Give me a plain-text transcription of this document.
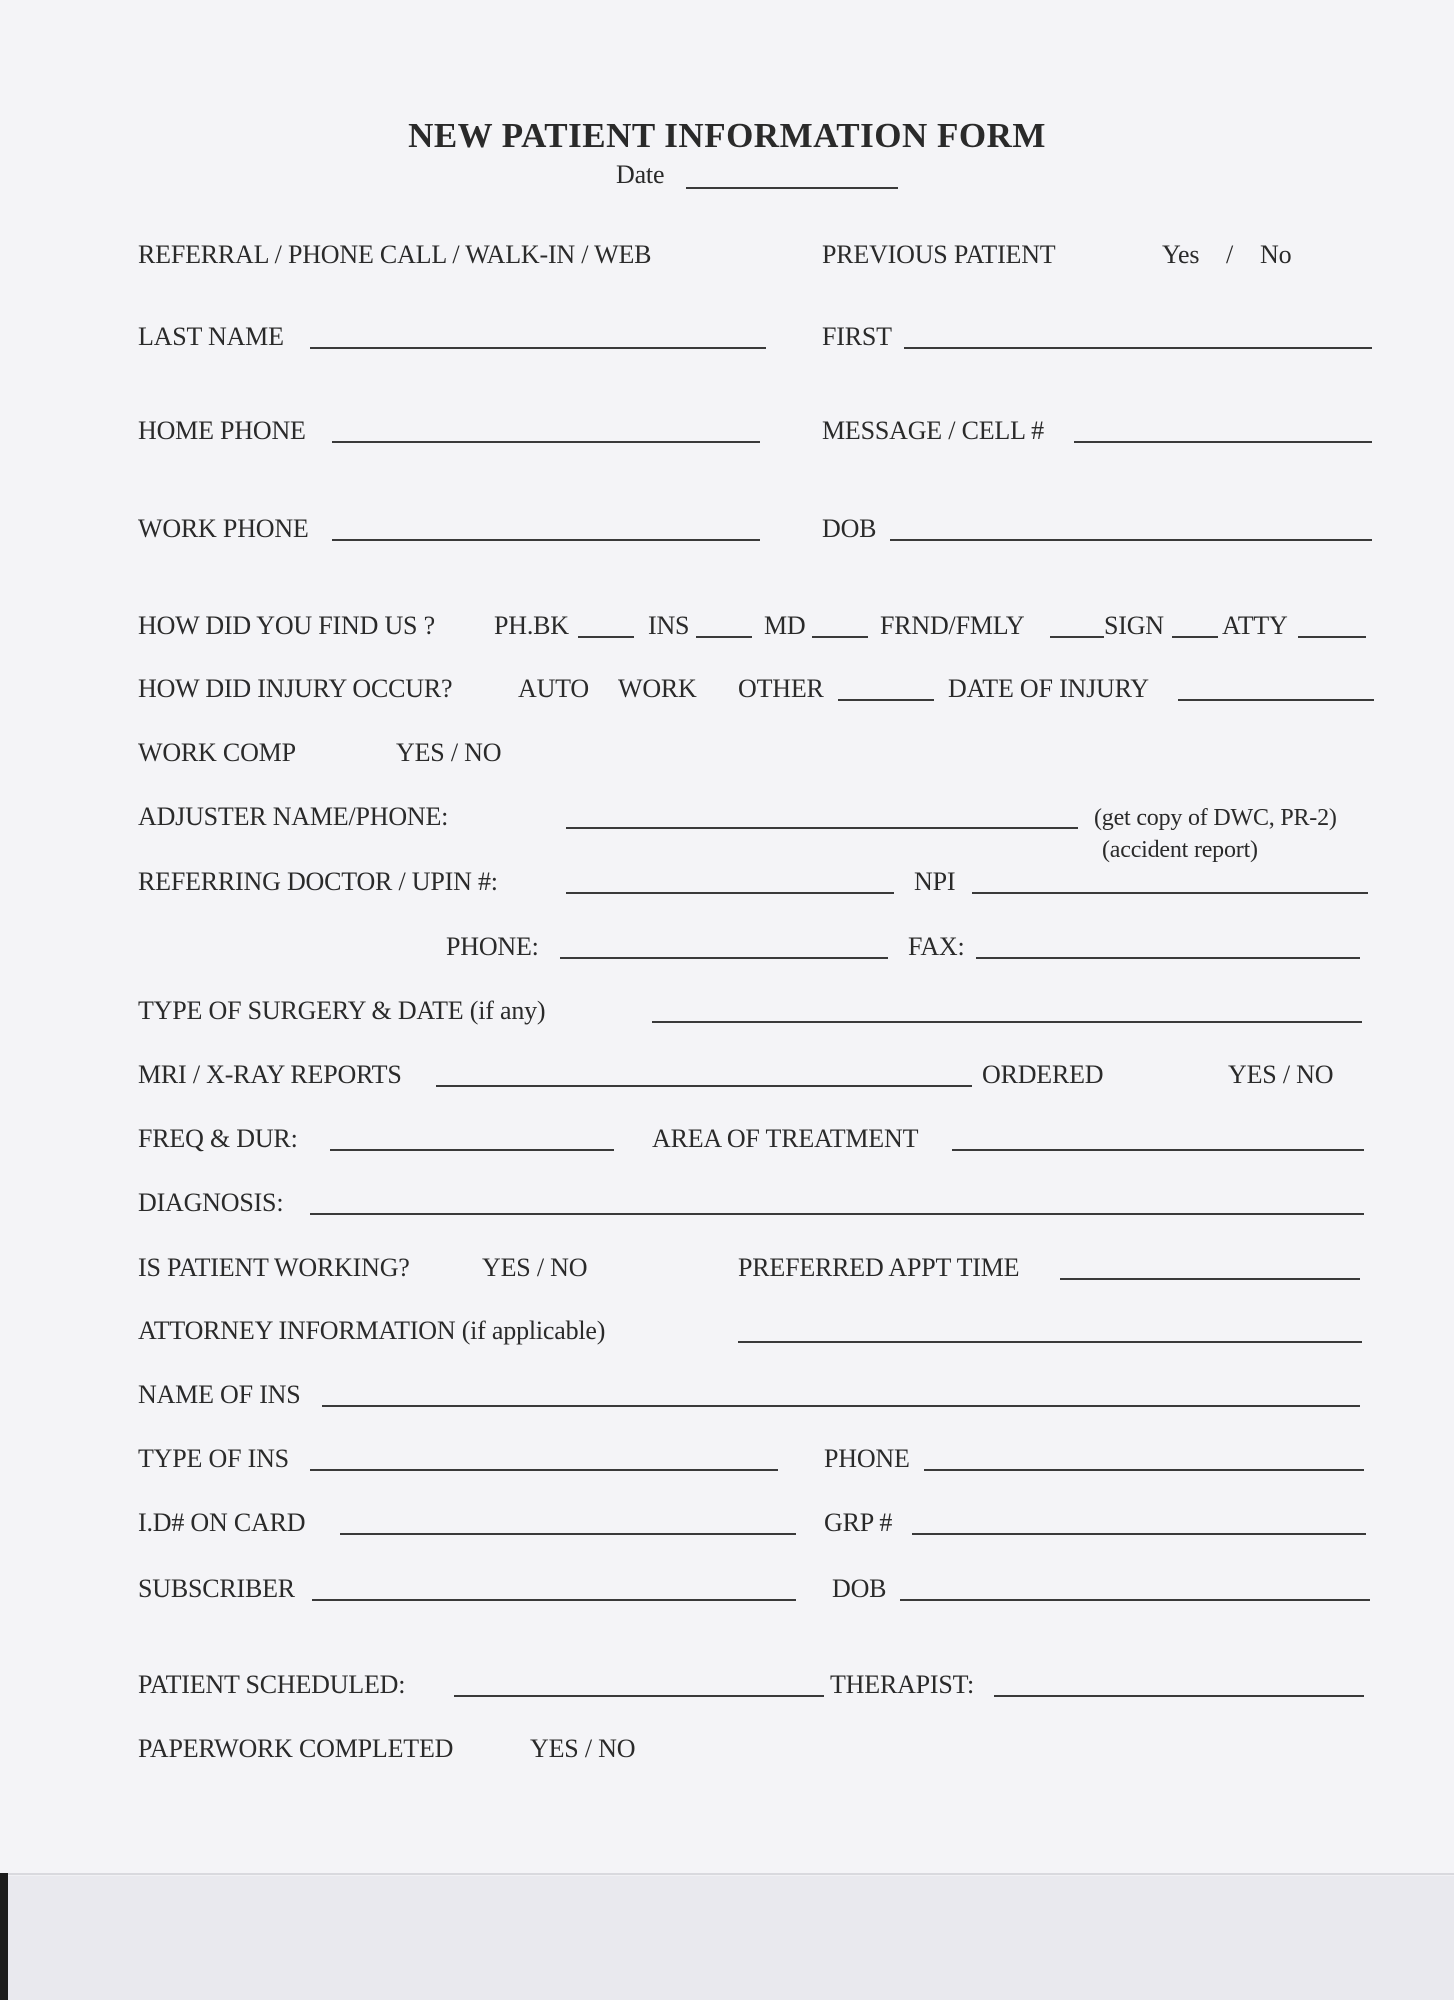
NEW PATIENT INFORMATION FORM
Date
REFERRAL / PHONE CALL / WALK-IN / WEB	PREVIOUS PATIENT	Yes / No
LAST NAME	FIRST
HOME PHONE	MESSAGE / CELL #
WORK PHONE	DOB
HOW DID YOU FIND US ? PH.BK	INS	MD	FRND/FMLY	SIGN ATTY
HOW DID INJURY OCCUR?	AUTO WORK OTHER	DATE OF INJURY
WORK COMP	YES / NO
ADJUSTER NAME/PHONE:	(get copy of DWC, PR-2)
(accident report)
REFERRING DOCTOR / UPIN #:	NPI
PHONE:	FAX:
TYPE OF SURGERY & DATE (if any)
MRI / X-RAY REPORTS	ORDERED	YES / NO
FREQ & DUR:	AREA OF TREATMENT
DIAGNOSIS:
IS PATIENT WORKING?	YES / NO	PREFERRED APPT TIME
ATTORNEY INFORMATION (if applicable)
NAME OF INS
TYPE OF INS	PHONE
I.D# ON CARD	GRP #
SUBSCRIBER	DOB
PATIENT SCHEDULED:	THERAPIST:
PAPERWORK COMPLETED	YES / NO
